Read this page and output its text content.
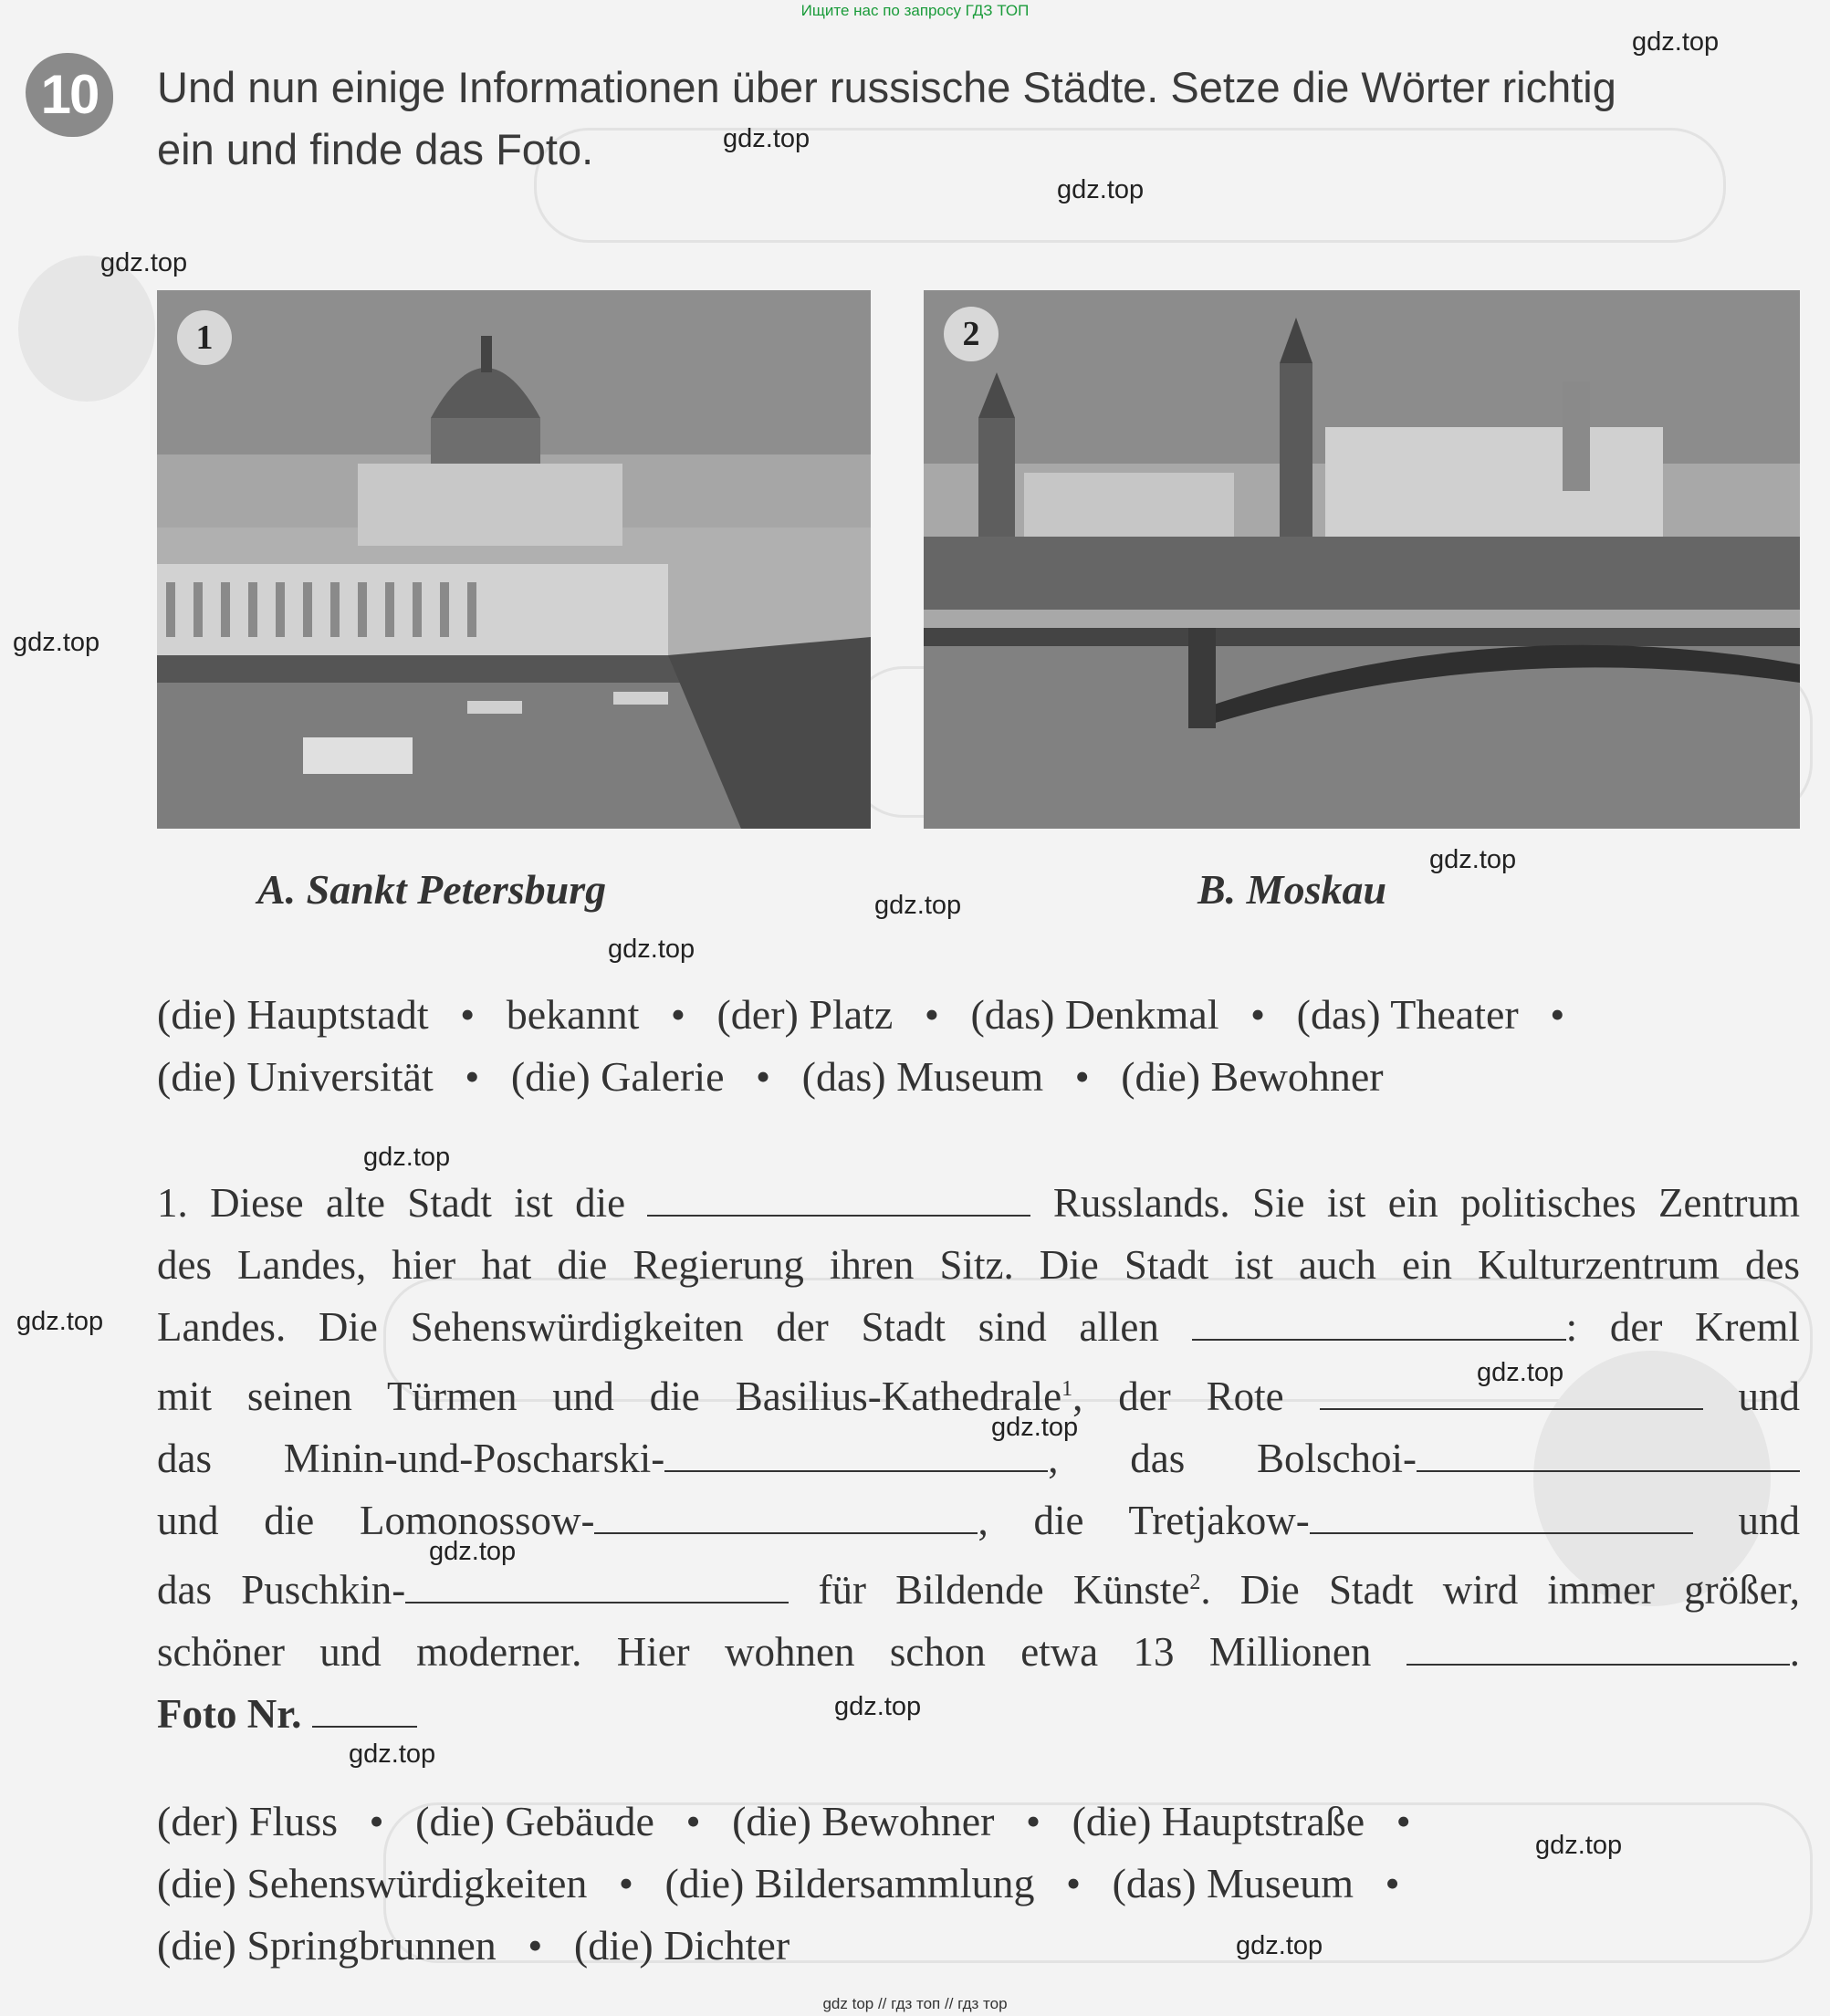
Ищите нас по запросу ГДЗ ТОП
10	Und nun einige Informationen über russische Städte. Setze die Wörter richtig
ein und finde das Foto.
1	2
A. Sankt Petersburg	B. Moskau
(die) Hauptstadt • bekannt • (der) Platz • (das) Denkmal • (das) Theater •
(die) Universität • (die) Galerie • (das) Museum • (die) Bewohner
1. Diese alte Stadt ist die	Russlands. Sie ist ein politisches Zentrum
des Landes, hier hat die Regierung ihren Sitz. Die Stadt ist auch ein Kulturzentrum des
Landes. Die Sehenswürdigkeiten der Stadt sind allen	: der Kreml
mit seinen Türmen und die Basilius-Kathedrale$^1$, der Rote	und
das Minin-und-Poscharski-	, das Bolschoi-
und die Lomonossow-	, die Tretjakow-	und
das Puschkin-	für Bildende Künste$^2$. Die Stadt wird immer größer,
schöner und moderner. Hier wohnen schon etwa 13 Millionen	.
Foto Nr.
(der) Fluss • (die) Gebäude • (die) Bewohner • (die) Hauptstraße •
(die) Sehenswürdigkeiten • (die) Bildersammlung • (das) Museum •
(die) Springbrunnen • (die) Dichter
gdz.top
gdz.top
gdz.top
gdz.top
gdz.top
gdz.top
gdz.top
gdz.top
gdz.top
gdz.top
gdz.top
gdz.top
gdz.top
gdz.top
gdz.top
gdz.top
gdz.top
gdz top // гдз топ // гдз тор
